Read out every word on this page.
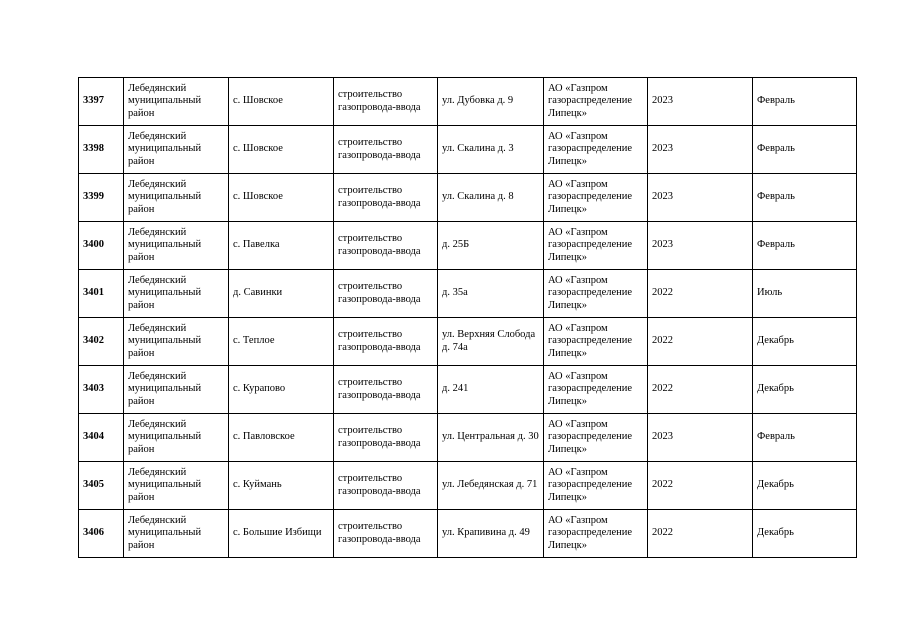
3397	Лебедянский муниципальный район	с. Шовское	строительство газопровода-ввода	ул. Дубовка д. 9	АО «Газпром газораспределение Липецк»	2023	Февраль
3398	Лебедянский муниципальный район	с. Шовское	строительство газопровода-ввода	ул. Скалина д. 3	АО «Газпром газораспределение Липецк»	2023	Февраль
3399	Лебедянский муниципальный район	с. Шовское	строительство газопровода-ввода	ул. Скалина д. 8	АО «Газпром газораспределение Липецк»	2023	Февраль
3400	Лебедянский муниципальный район	с. Павелка	строительство газопровода-ввода	д. 25Б	АО «Газпром газораспределение Липецк»	2023	Февраль
3401	Лебедянский муниципальный район	д. Савинки	строительство газопровода-ввода	д. 35а	АО «Газпром газораспределение Липецк»	2022	Июль
3402	Лебедянский муниципальный район	с. Теплое	строительство газопровода-ввода	ул. Верхняя Слобода д. 74а	АО «Газпром газораспределение Липецк»	2022	Декабрь
3403	Лебедянский муниципальный район	с. Курапово	строительство газопровода-ввода	д. 241	АО «Газпром газораспределение Липецк»	2022	Декабрь
3404	Лебедянский муниципальный район	с. Павловское	строительство газопровода-ввода	ул. Центральная д. 30	АО «Газпром газораспределение Липецк»	2023	Февраль
3405	Лебедянский муниципальный район	с. Куймань	строительство газопровода-ввода	ул. Лебедянская д. 71	АО «Газпром газораспределение Липецк»	2022	Декабрь
3406	Лебедянский муниципальный район	с. Большие Избищи	строительство газопровода-ввода	ул. Крапивина д. 49	АО «Газпром газораспределение Липецк»	2022	Декабрь
